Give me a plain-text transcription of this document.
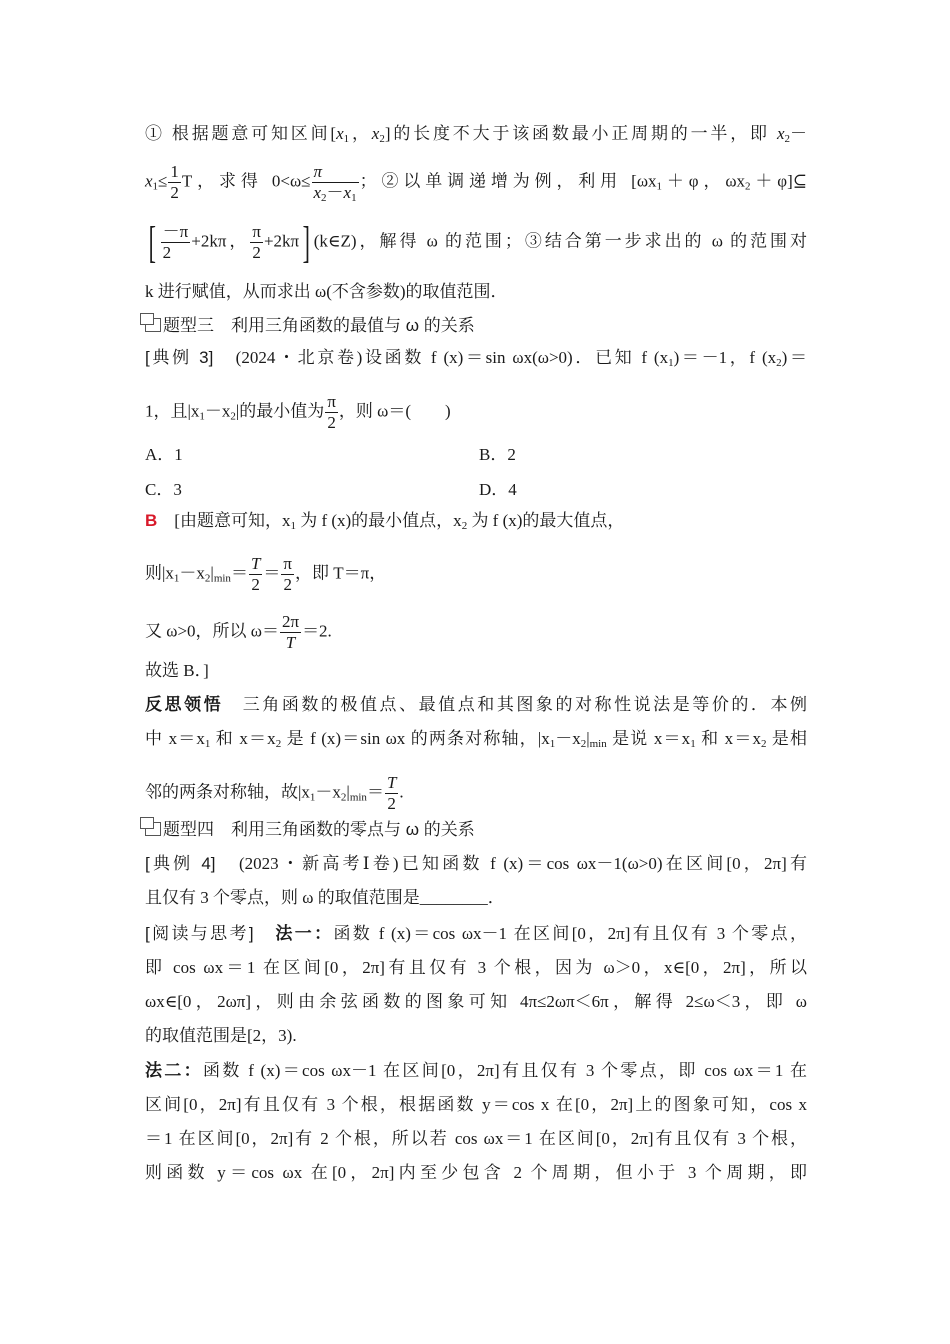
① 根据题意可知区间[$x_1$，$x_2$]的长度不大于该函数最小正周期的一半，即 $x_2-$
$x_1\le \frac{1}{2}$ T，求得 $0<\omega\le \frac{\pi}{x_2-x_1}$ ；②以单调递增为例，利用 [$\omega x_1+\varphi$，$\omega x_2+\varphi]⊆$
[ $\frac{-\pi}{2} +2k\pi$， $\frac{\pi}{2} +2k\pi$] (k∈Z)，解得 ω 的范围；③结合第一步求出的 ω 的范围对
k 进行赋值，从而求出 ω(不含参数)的取值范围．
题型三　利用三角函数的最值与 ω 的关系
[典例 3]　(2024・北京卷)设函数 f (x)＝sin ωx(ω>0)．已知 f $(x_1)=-1$，f $(x_2)=$
1，且$|x_1-x_2|$的最小值为 $\frac{\pi}{2}$ ，则 ω＝(　　)
A．1	B．2
C．3	D．4
B　[由题意可知，$x_1$ 为 f (x)的最小值点，$x_2$ 为 f (x)的最大值点，
则$|x_1-x_2|_{min}= \frac{T}{2} = \frac{\pi}{2}$ ，即 T＝π，
又 ω>0，所以 $\omega= \frac{2\pi}{T} =2$.
故选 B．]
反思领悟　三角函数的极值点、最值点和其图象的对称性说法是等价的．本例
中 $x=x_1$ 和 $x=x_2$ 是 f (x)＝sin ωx 的两条对称轴，$|x_1-x_2|_{min}$ 是说 $x=x_1$ 和 $x=x_2$ 是相
邻的两条对称轴，故$|x_1-x_2|_{min}= \frac{T}{2}$ .
题型四　利用三角函数的零点与 ω 的关系
[典例 4]　(2023・新高考Ⅰ卷)已知函数 f (x)＝cos ωx－1(ω>0)在区间[0，2π]有
且仅有 3 个零点，则 ω 的取值范围是________．
[阅读与思考]　法一：函数 f (x)＝cos ωx－1 在区间[0，2π]有且仅有 3 个零点，
即 cos ωx＝1 在区间[0，2π]有且仅有 3 个根，因为 ω＞0，x∈[0，2π]，所以
ωx∈[0，2ωπ]，则由余弦函数的图象可知 4π≤2ωπ＜6π，解得 2≤ω＜3，即 ω
的取值范围是[2，3).
法二：函数 f (x)＝cos ωx－1 在区间[0，2π]有且仅有 3 个零点，即 cos ωx＝1 在
区间[0，2π]有且仅有 3 个根，根据函数 y＝cos x 在[0，2π]上的图象可知，cos x
＝1 在区间[0，2π]有 2 个根，所以若 cos ωx＝1 在区间[0，2π]有且仅有 3 个根，
则函数 y＝cos ωx 在[0，2π]内至少包含 2 个周期，但小于 3 个周期，即
